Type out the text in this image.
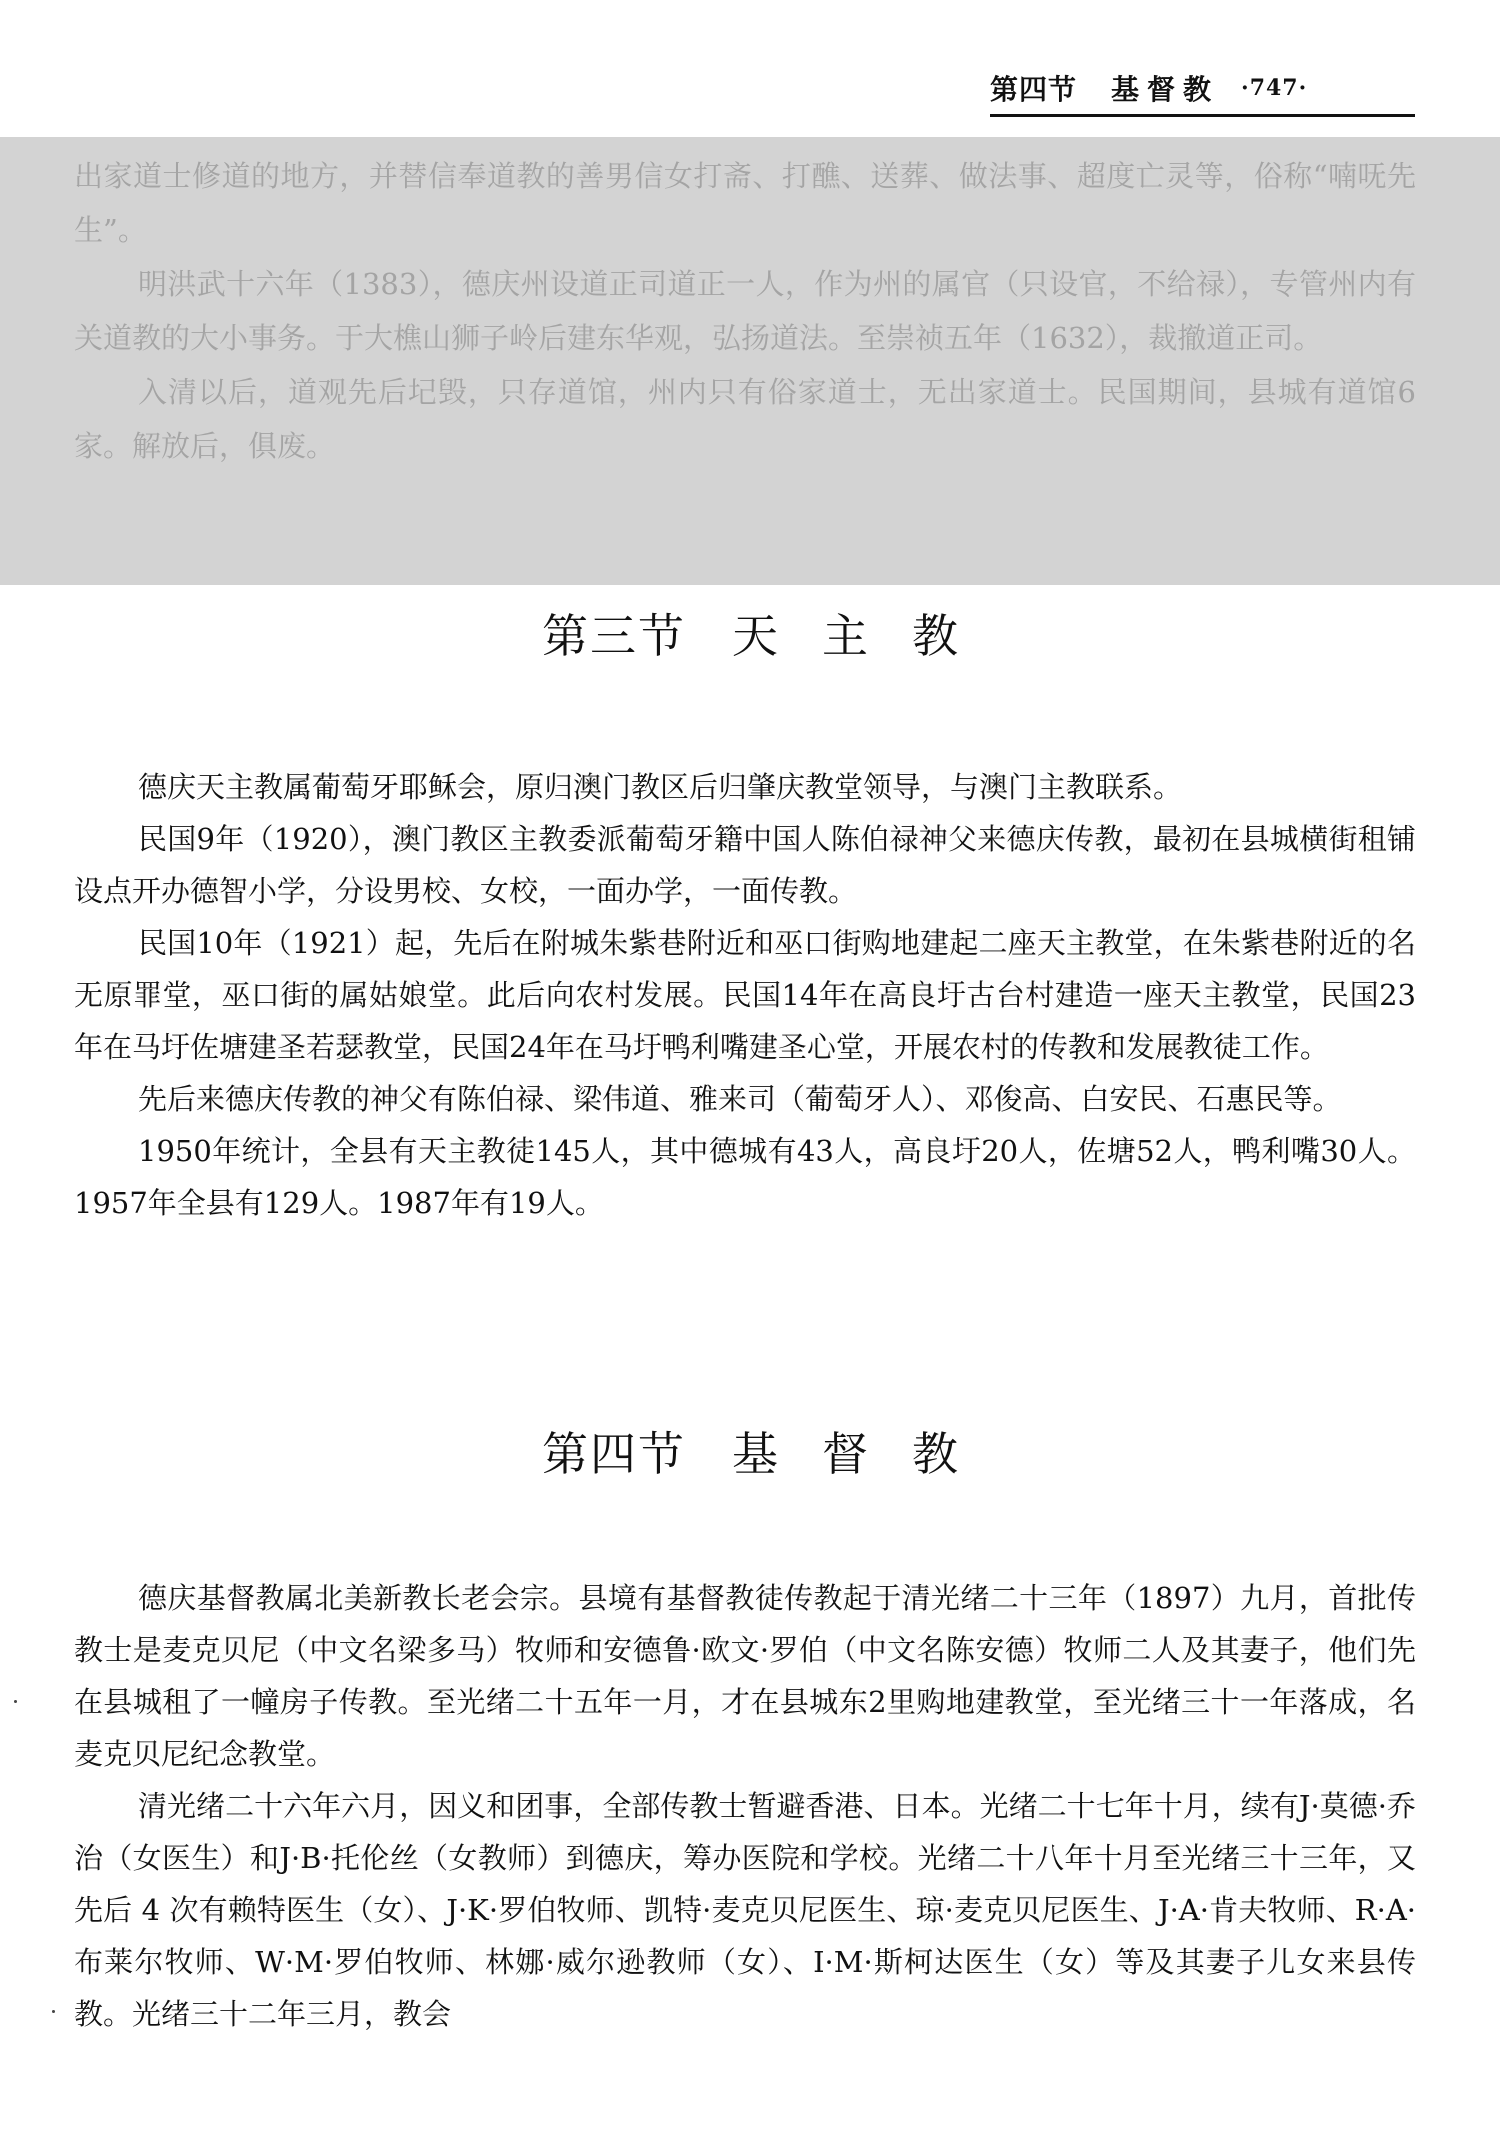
第四节 基督教 ·747·

出家道士修道的地方，并替信奉道教的善男信女打斋、打醮、送葬、做法事、超度亡灵等，俗称“喃呒先生”。

明洪武十六年（1383），德庆州设道正司道正一人，作为州的属官（只设官，不给禄），专管州内有关道教的大小事务。于大樵山狮子岭后建东华观，弘扬道法。至崇祯五年（1632），裁撤道正司。

入清以后，道观先后圮毁，只存道馆，州内只有俗家道士，无出家道士。民国期间，县城有道馆6家。解放后，俱废。

第三节 天主教

德庆天主教属葡萄牙耶稣会，原归澳门教区后归肇庆教堂领导，与澳门主教联系。

民国9年（1920），澳门教区主教委派葡萄牙籍中国人陈伯禄神父来德庆传教，最初在县城横街租铺设点开办德智小学，分设男校、女校，一面办学，一面传教。

民国10年（1921）起，先后在附城朱紫巷附近和巫口街购地建起二座天主教堂，在朱紫巷附近的名无原罪堂，巫口街的属姑娘堂。此后向农村发展。民国14年在高良圩古台村建造一座天主教堂，民国23年在马圩佐塘建圣若瑟教堂，民国24年在马圩鸭利嘴建圣心堂，开展农村的传教和发展教徒工作。

先后来德庆传教的神父有陈伯禄、梁伟道、雅来司（葡萄牙人）、邓俊高、白安民、石惠民等。

1950年统计，全县有天主教徒145人，其中德城有43人，高良圩20人，佐塘52人，鸭利嘴30人。1957年全县有129人。1987年有19人。

第四节 基督教

德庆基督教属北美新教长老会宗。县境有基督教徒传教起于清光绪二十三年（1897）九月，首批传教士是麦克贝尼（中文名梁多马）牧师和安德鲁·欧文·罗伯（中文名陈安德）牧师二人及其妻子，他们先在县城租了一幢房子传教。至光绪二十五年一月，才在县城东2里购地建教堂，至光绪三十一年落成，名麦克贝尼纪念教堂。

清光绪二十六年六月，因义和团事，全部传教士暂避香港、日本。光绪二十七年十月，续有J·莫德·乔治（女医生）和J·B·托伦丝（女教师）到德庆，筹办医院和学校。光绪二十八年十月至光绪三十三年，又先后 4 次有赖特医生（女）、J·K·罗伯牧师、凯特·麦克贝尼医生、琼·麦克贝尼医生、J·A·肯夫牧师、R·A·布莱尔牧师、W·M·罗伯牧师、林娜·威尔逊教师（女）、I·M·斯柯达医生（女）等及其妻子儿女来县传教。光绪三十二年三月，教会
